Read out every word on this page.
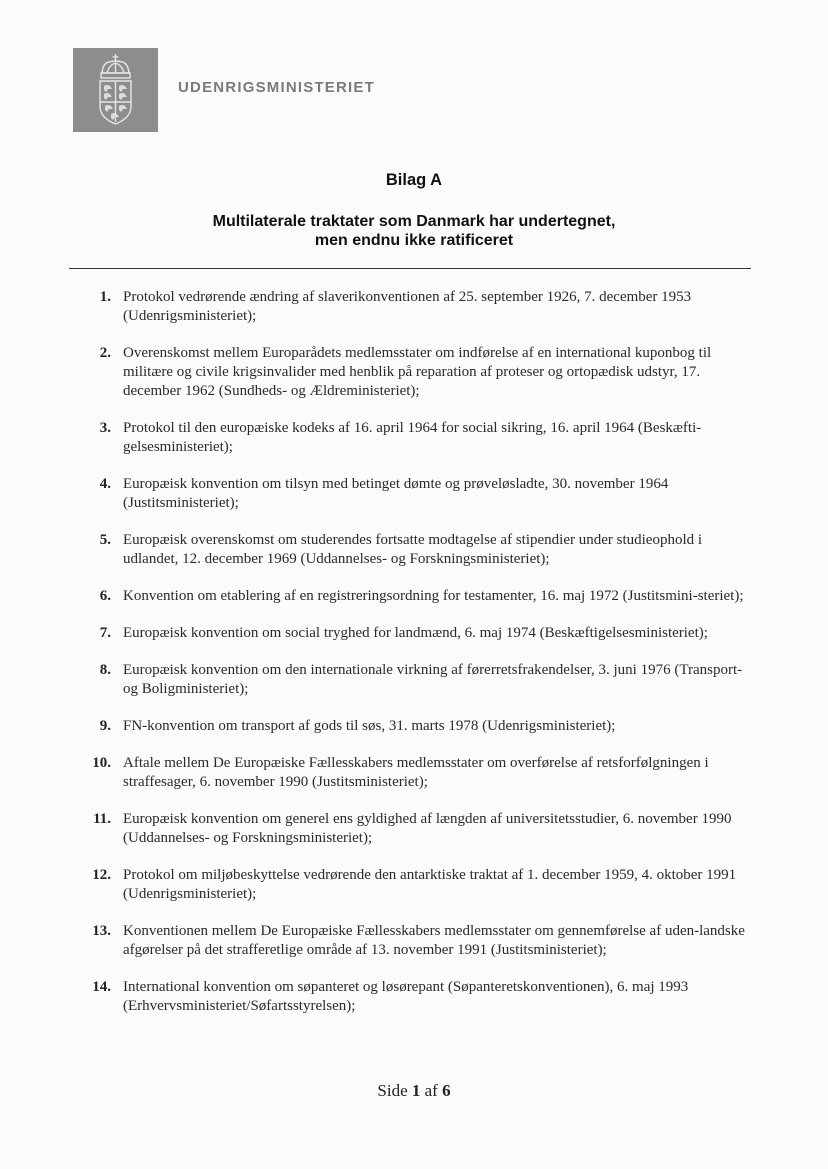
UDENRIGSMINISTERIET
Bilag A
Multilaterale traktater som Danmark har undertegnet,
men endnu ikke ratificeret
1. Protokol vedrørende ændring af slaverikonventionen af 25. september 1926, 7. december 1953 (Udenrigsministeriet);
2. Overenskomst mellem Europarådets medlemsstater om indførelse af en international kuponbog til militære og civile krigsinvalider med henblik på reparation af proteser og ortopædisk udstyr, 17. december 1962 (Sundheds- og Ældreministeriet);
3. Protokol til den europæiske kodeks af 16. april 1964 for social sikring, 16. april 1964 (Beskæfti-gelsesministeriet);
4. Europæisk konvention om tilsyn med betinget dømte og prøveløsladte, 30. november 1964 (Justitsministeriet);
5. Europæisk overenskomst om studerendes fortsatte modtagelse af stipendier under studieophold i udlandet, 12. december 1969 (Uddannelses- og Forskningsministeriet);
6. Konvention om etablering af en registreringsordning for testamenter, 16. maj 1972 (Justitsmini-steriet);
7. Europæisk konvention om social tryghed for landmænd, 6. maj 1974 (Beskæftigelsesministeriet);
8. Europæisk konvention om den internationale virkning af førerretsfrakendelser, 3. juni 1976 (Transport- og Boligministeriet);
9. FN-konvention om transport af gods til søs, 31. marts 1978 (Udenrigsministeriet);
10. Aftale mellem De Europæiske Fællesskabers medlemsstater om overførelse af retsforfølgningen i straffesager, 6. november 1990 (Justitsministeriet);
11. Europæisk konvention om generel ens gyldighed af længden af universitetsstudier, 6. november 1990 (Uddannelses- og Forskningsministeriet);
12. Protokol om miljøbeskyttelse vedrørende den antarktiske traktat af 1. december 1959, 4. oktober 1991 (Udenrigsministeriet);
13. Konventionen mellem De Europæiske Fællesskabers medlemsstater om gennemførelse af uden-landske afgørelser på det strafferetlige område af 13. november 1991 (Justitsministeriet);
14. International konvention om søpanteret og løsørepant (Søpanteretskonventionen), 6. maj 1993 (Erhvervsministeriet/Søfartsstyrelsen);
Side 1 af 6
